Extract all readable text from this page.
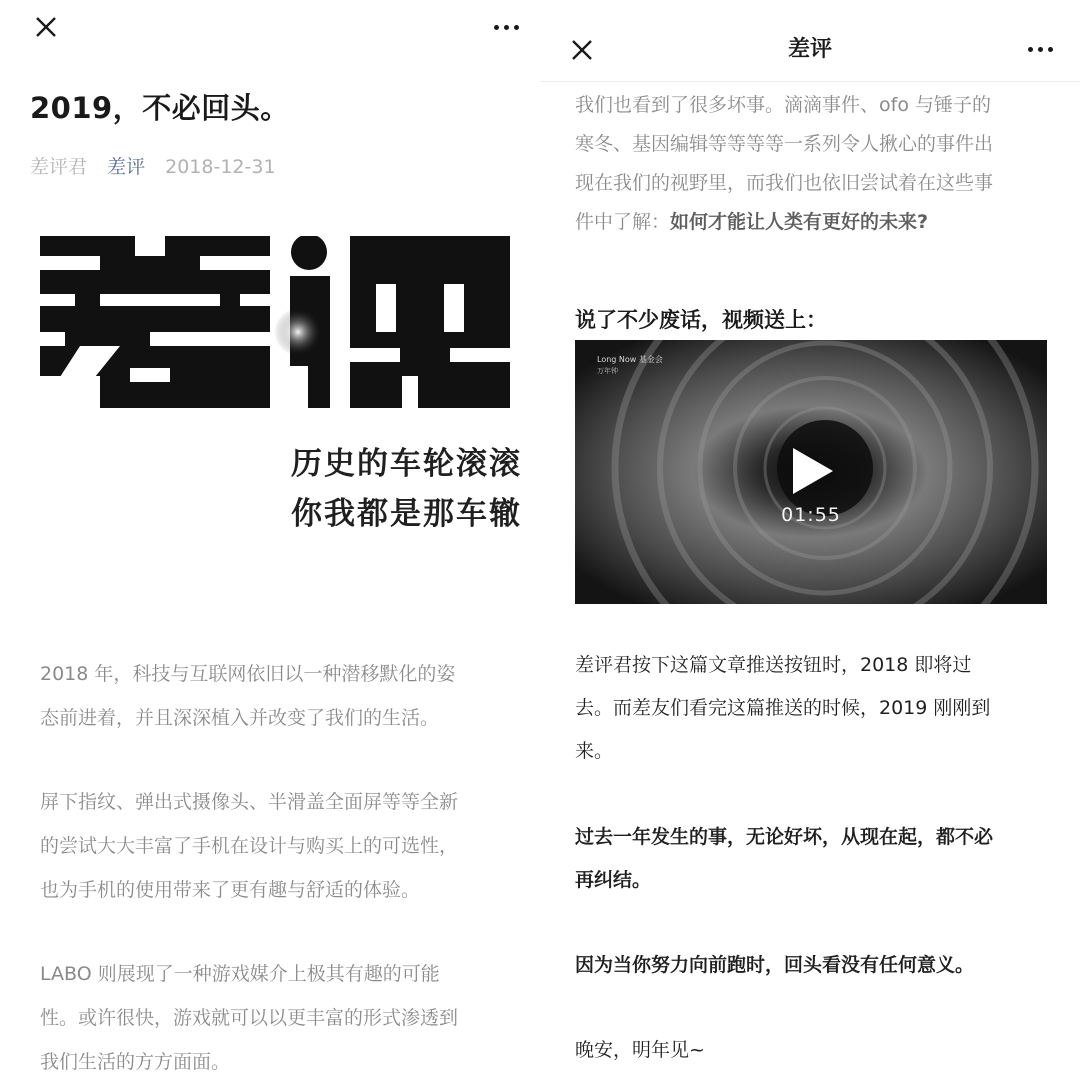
2019，不必回头。
差评君 差评 2018-12-31
历史的车轮滚滚
你我都是那车辙
2018 年，科技与互联网依旧以一种潜移默化的姿
态前进着，并且深深植入并改变了我们的生活。
屏下指纹、弹出式摄像头、半滑盖全面屏等等全新
的尝试大大丰富了手机在设计与购买上的可选性，
也为手机的使用带来了更有趣与舒适的体验。
LABO 则展现了一种游戏媒介上极其有趣的可能
性。或许很快，游戏就可以以更丰富的形式渗透到
我们生活的方方面面。
差评
我们也看到了很多坏事。滴滴事件、ofo 与锤子的
寒冬、基因编辑等等等等一系列令人揪心的事件出
现在我们的视野里，而我们也依旧尝试着在这些事
件中了解：如何才能让人类有更好的未来?
说了不少废话，视频送上：
Long Now 基金会
万年钟
01:55
差评君按下这篇文章推送按钮时，2018 即将过
去。而差友们看完这篇推送的时候，2019 刚刚到
来。
过去一年发生的事，无论好坏，从现在起，都不必
再纠结。
因为当你努力向前跑时，回头看没有任何意义。
晚安，明年见~
